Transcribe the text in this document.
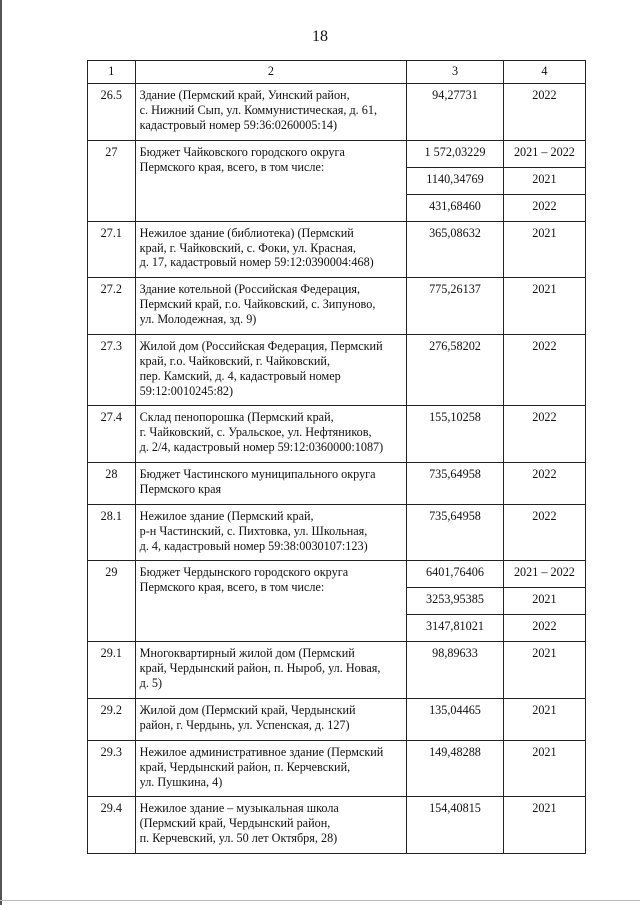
18
1	2	3	4
26.5	Здание (Пермский край, Уинский район,
с. Нижний Сып, ул. Коммунистическая, д. 61,
кадастровый номер 59:36:0260005:14)	94,27731	2022
27	Бюджет Чайковского городского округа
Пермского края, всего, в том числе:	1 572,03229	2021 – 2022
		1140,34769	2021
		431,68460	2022
27.1	Нежилое здание (библиотека) (Пермский
край, г. Чайковский, с. Фоки, ул. Красная,
д. 17, кадастровый номер 59:12:0390004:468)	365,08632	2021
27.2	Здание котельной (Российская Федерация,
Пермский край, г.о. Чайковский, с. Зипуново,
ул. Молодежная, зд. 9)	775,26137	2021
27.3	Жилой дом (Российская Федерация, Пермский
край, г.о. Чайковский, г. Чайковский,
пер. Камский, д. 4, кадастровый номер
59:12:0010245:82)	276,58202	2022
27.4	Склад пенопорошка (Пермский край,
г. Чайковский, с. Уральское, ул. Нефтяников,
д. 2/4, кадастровый номер 59:12:0360000:1087)	155,10258	2022
28	Бюджет Частинского муниципального округа
Пермского края	735,64958	2022
28.1	Нежилое здание (Пермский край,
р-н Частинский, с. Пихтовка, ул. Школьная,
д. 4, кадастровый номер 59:38:0030107:123)	735,64958	2022
29	Бюджет Чердынского городского округа
Пермского края, всего, в том числе:	6401,76406	2021 – 2022
		3253,95385	2021
		3147,81021	2022
29.1	Многоквартирный жилой дом (Пермский
край, Чердынский район, п. Ныроб, ул. Новая,
д. 5)	98,89633	2021
29.2	Жилой дом (Пермский край, Чердынский
район, г. Чердынь, ул. Успенская, д. 127)	135,04465	2021
29.3	Нежилое административное здание (Пермский
край, Чердынский район, п. Керчевский,
ул. Пушкина, 4)	149,48288	2021
29.4	Нежилое здание – музыкальная школа
(Пермский край, Чердынский район,
п. Керчевский, ул. 50 лет Октября, 28)	154,40815	2021
